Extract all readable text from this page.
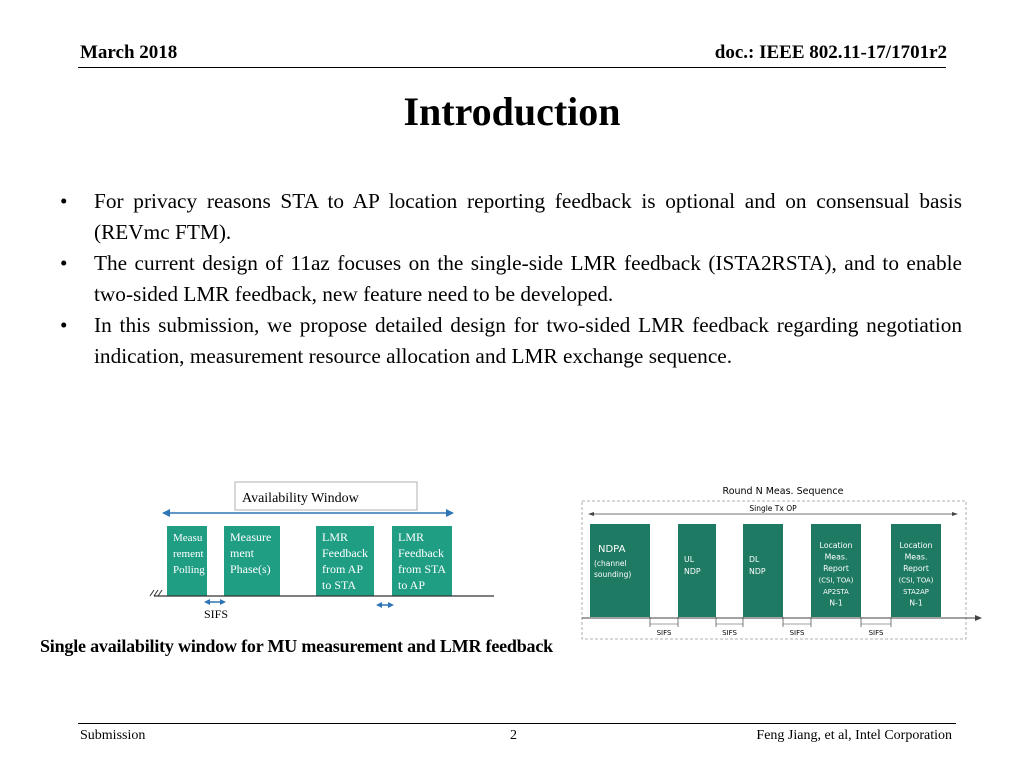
March 2018	doc.: IEEE 802.11-17/1701r2
Introduction
• For privacy reasons STA to AP location reporting feedback is optional and on consensual basis (REVmc FTM).
• The current design of 11az focuses on the single-side LMR feedback (ISTA2RSTA), and to enable two-sided LMR feedback, new feature need to be developed.
• In this submission, we propose detailed design for two-sided LMR feedback regarding negotiation indication, measurement resource allocation and LMR exchange sequence.
Availability Window
Measu
rement
Polling
Measure
ment
Phase(s)
LMR
Feedback
from AP
to STA
LMR
Feedback
from STA
to AP
SIFS
Single availability window for MU measurement and LMR feedback
Round N Meas. Sequence
Single Tx OP
NDPA
(channel
sounding)
UL
NDP
DL
NDP
Location
Meas.
Report
(CSI, TOA)
AP2STA
N-1
Location
Meas.
Report
(CSI, TOA)
STA2AP
N-1
SIFS	SIFS	SIFS	SIFS
Submission	2	Feng Jiang, et al, Intel Corporation
